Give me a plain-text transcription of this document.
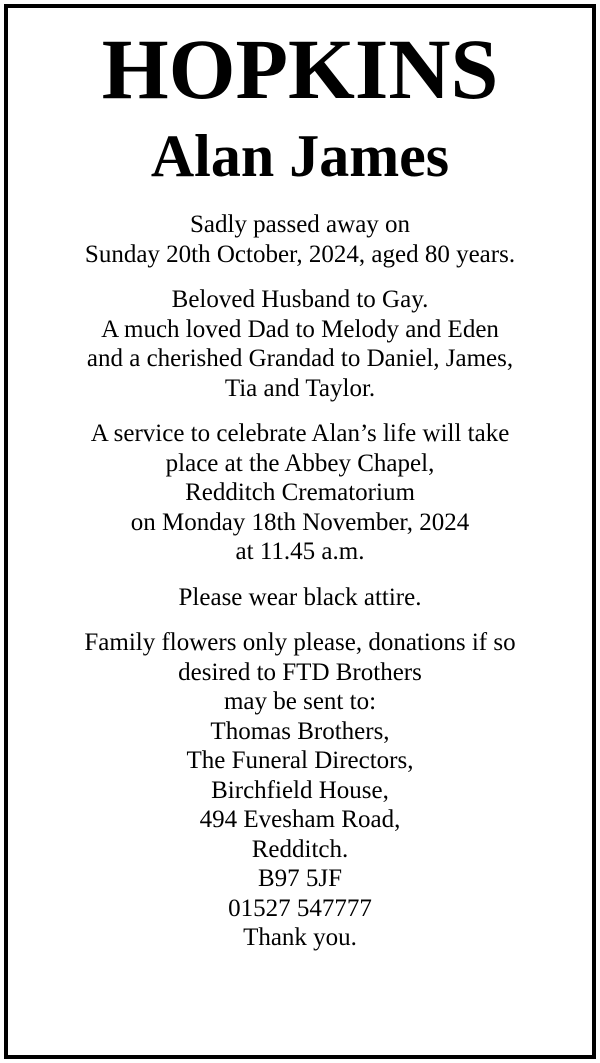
HOPKINS
Alan James

Sadly passed away on
Sunday 20th October, 2024, aged 80 years.

Beloved Husband to Gay.
A much loved Dad to Melody and Eden
and a cherished Grandad to Daniel, James,
Tia and Taylor.

A service to celebrate Alan’s life will take
place at the Abbey Chapel,
Redditch Crematorium
on Monday 18th November, 2024
at 11.45 a.m.

Please wear black attire.

Family flowers only please, donations if so
desired to FTD Brothers
may be sent to:
Thomas Brothers,
The Funeral Directors,
Birchfield House,
494 Evesham Road,
Redditch.
B97 5JF
01527 547777
Thank you.
